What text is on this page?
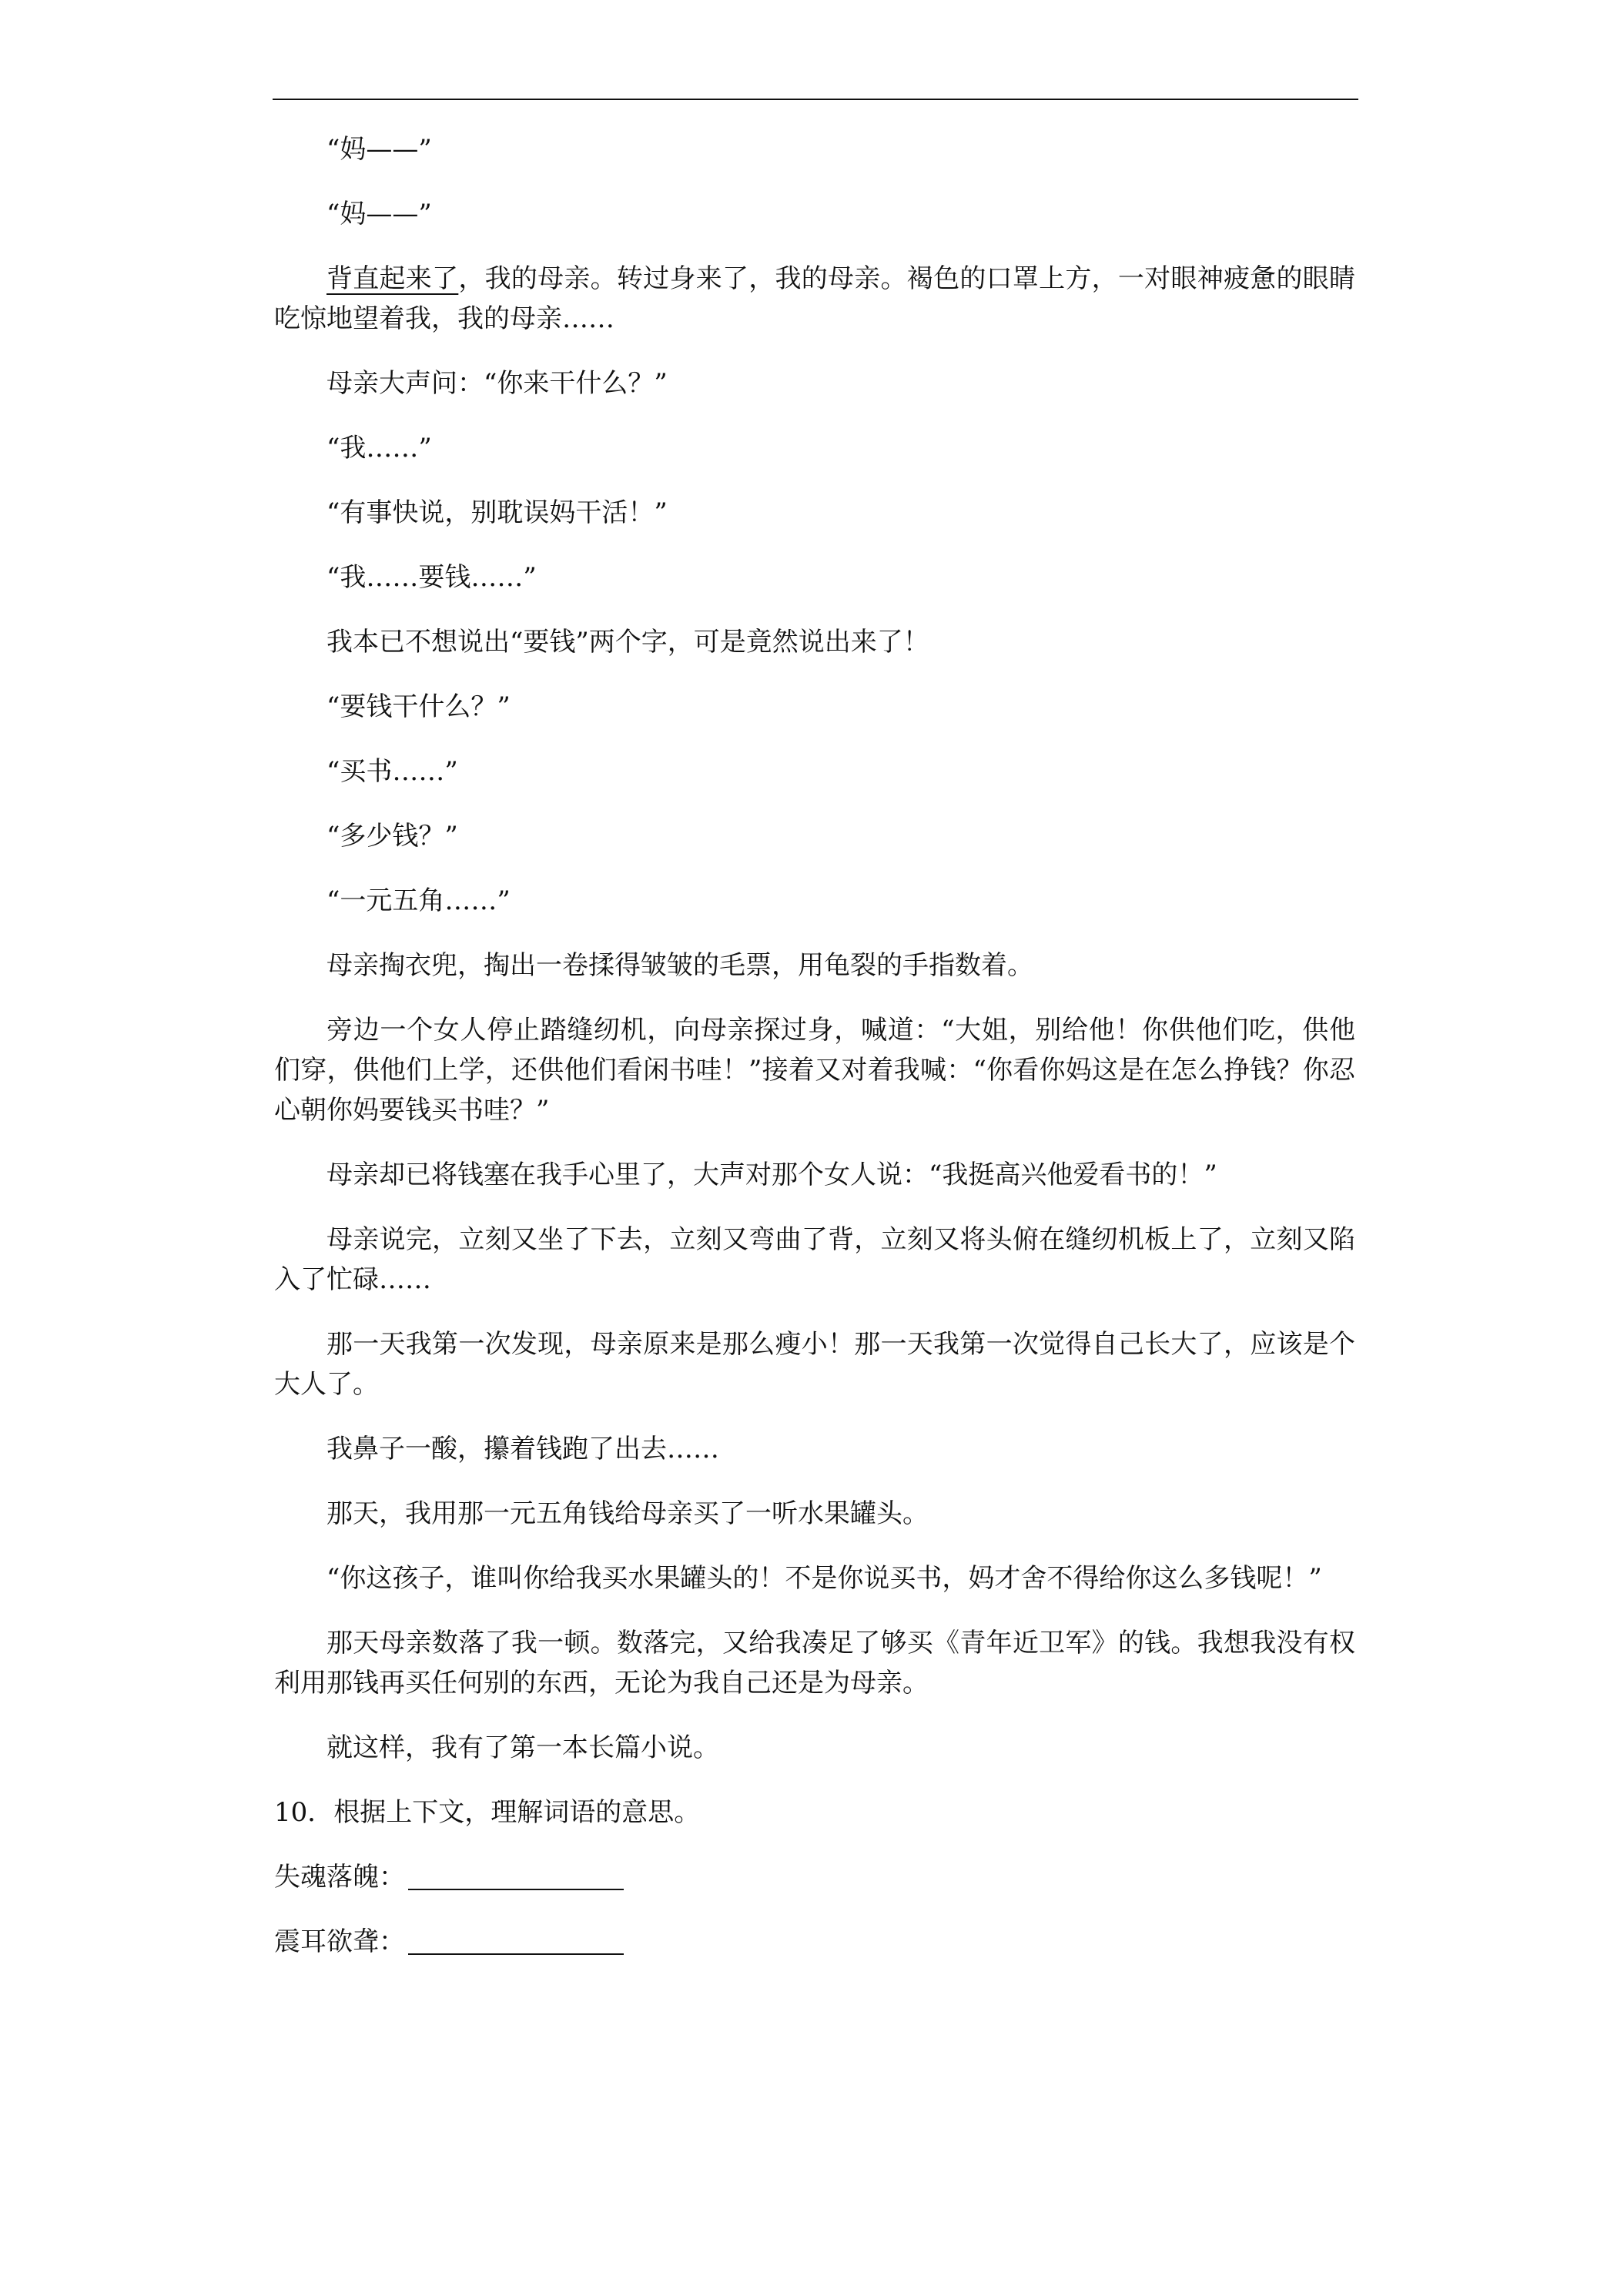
“妈——”

“妈——”

背直起来了，我的母亲。转过身来了，我的母亲。褐色的口罩上方，一对眼神疲惫的眼睛吃惊地望着我，我的母亲……

母亲大声问：“你来干什么？”

“我……”

“有事快说，别耽误妈干活！”

“我……要钱……”

我本已不想说出“要钱”两个字，可是竟然说出来了！

“要钱干什么？”

“买书……”

“多少钱？”

“一元五角……”

母亲掏衣兜，掏出一卷揉得皱皱的毛票，用龟裂的手指数着。

旁边一个女人停止踏缝纫机，向母亲探过身，喊道：“大姐，别给他！你供他们吃，供他们穿，供他们上学，还供他们看闲书哇！”接着又对着我喊：“你看你妈这是在怎么挣钱？你忍心朝你妈要钱买书哇？”

母亲却已将钱塞在我手心里了，大声对那个女人说：“我挺高兴他爱看书的！”

母亲说完，立刻又坐了下去，立刻又弯曲了背，立刻又将头俯在缝纫机板上了，立刻又陷入了忙碌……

那一天我第一次发现，母亲原来是那么瘦小！那一天我第一次觉得自己长大了，应该是个大人了。

我鼻子一酸，攥着钱跑了出去……

那天，我用那一元五角钱给母亲买了一听水果罐头。

“你这孩子，谁叫你给我买水果罐头的！不是你说买书，妈才舍不得给你这么多钱呢！”

那天母亲数落了我一顿。数落完，又给我凑足了够买《青年近卫军》的钱。我想我没有权利用那钱再买任何别的东西，无论为我自己还是为母亲。

就这样，我有了第一本长篇小说。

10．根据上下文，理解词语的意思。

失魂落魄：

震耳欲聋：
